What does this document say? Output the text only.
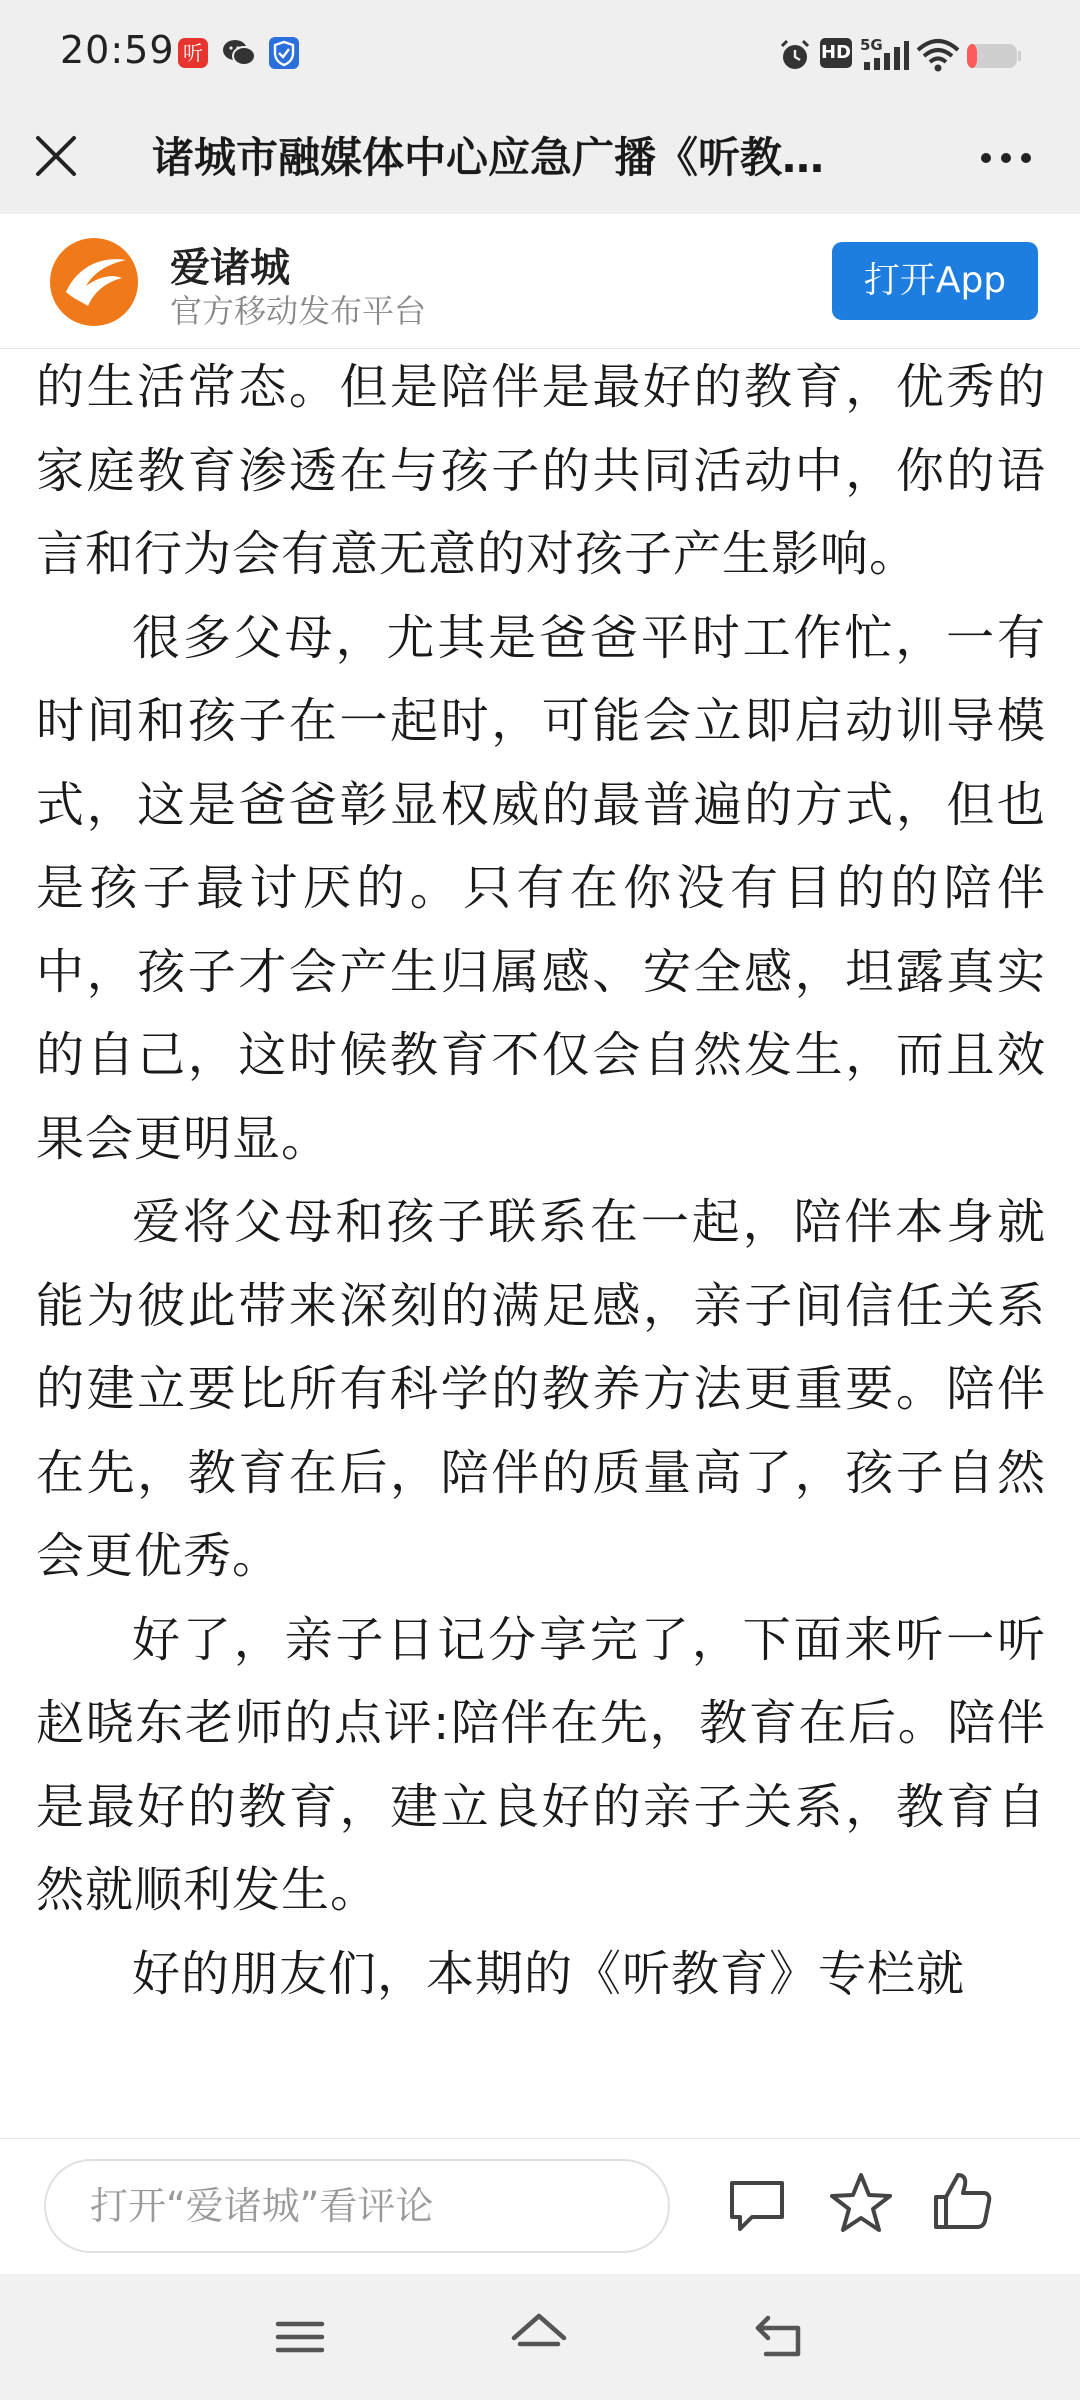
20:59 听	HD 5G
诸城市融媒体中心应急广播《听教…
爱诸城
官方移动发布平台
打开App

的生活常态。但是陪伴是最好的教育，优秀的家庭教育渗透在与孩子的共同活动中，你的语言和行为会有意无意的对孩子产生影响。

很多父母，尤其是爸爸平时工作忙，一有时间和孩子在一起时，可能会立即启动训导模式，这是爸爸彰显权威的最普遍的方式，但也是孩子最讨厌的。只有在你没有目的的陪伴中，孩子才会产生归属感、安全感，坦露真实的自己，这时候教育不仅会自然发生，而且效果会更明显。

爱将父母和孩子联系在一起，陪伴本身就能为彼此带来深刻的满足感，亲子间信任关系的建立要比所有科学的教养方法更重要。陪伴在先，教育在后，陪伴的质量高了，孩子自然会更优秀。

好了，亲子日记分享完了，下面来听一听赵晓东老师的点评:陪伴在先，教育在后。陪伴是最好的教育，建立良好的亲子关系，教育自然就顺利发生。

好的朋友们，本期的《听教育》专栏就

打开“爱诸城”看评论
